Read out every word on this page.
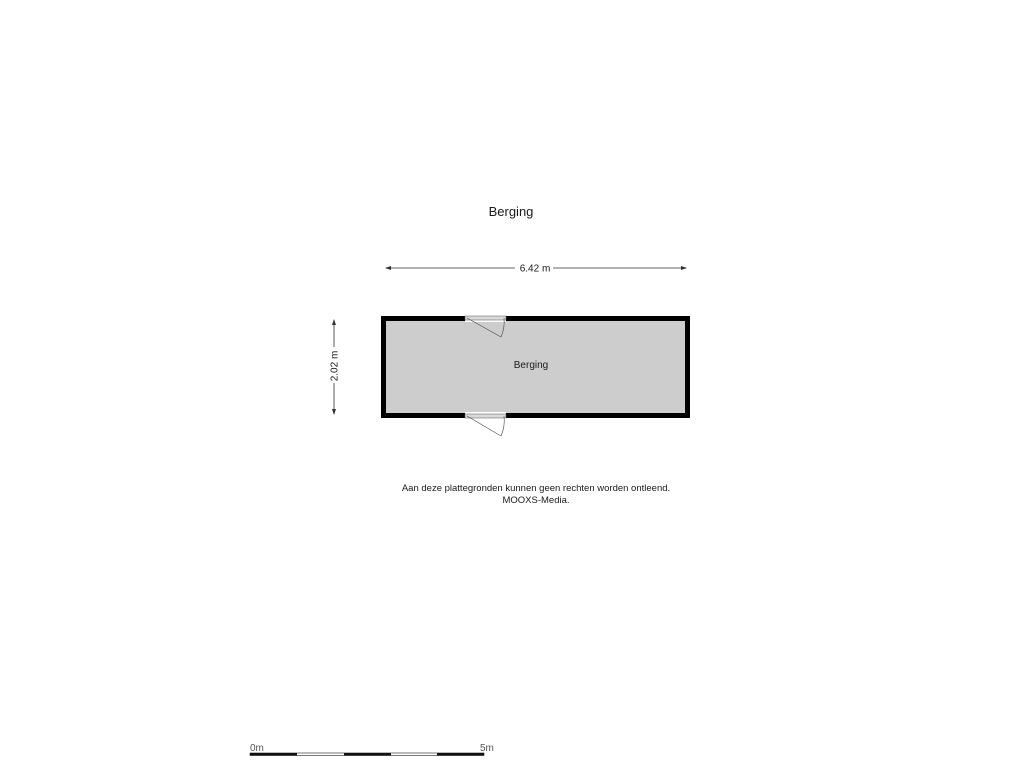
Berging
6.42 m
2.02 m	Berging
0m	5m
Aan deze plattegronden kunnen geen rechten worden ontleend.
MOOXS-Media.
